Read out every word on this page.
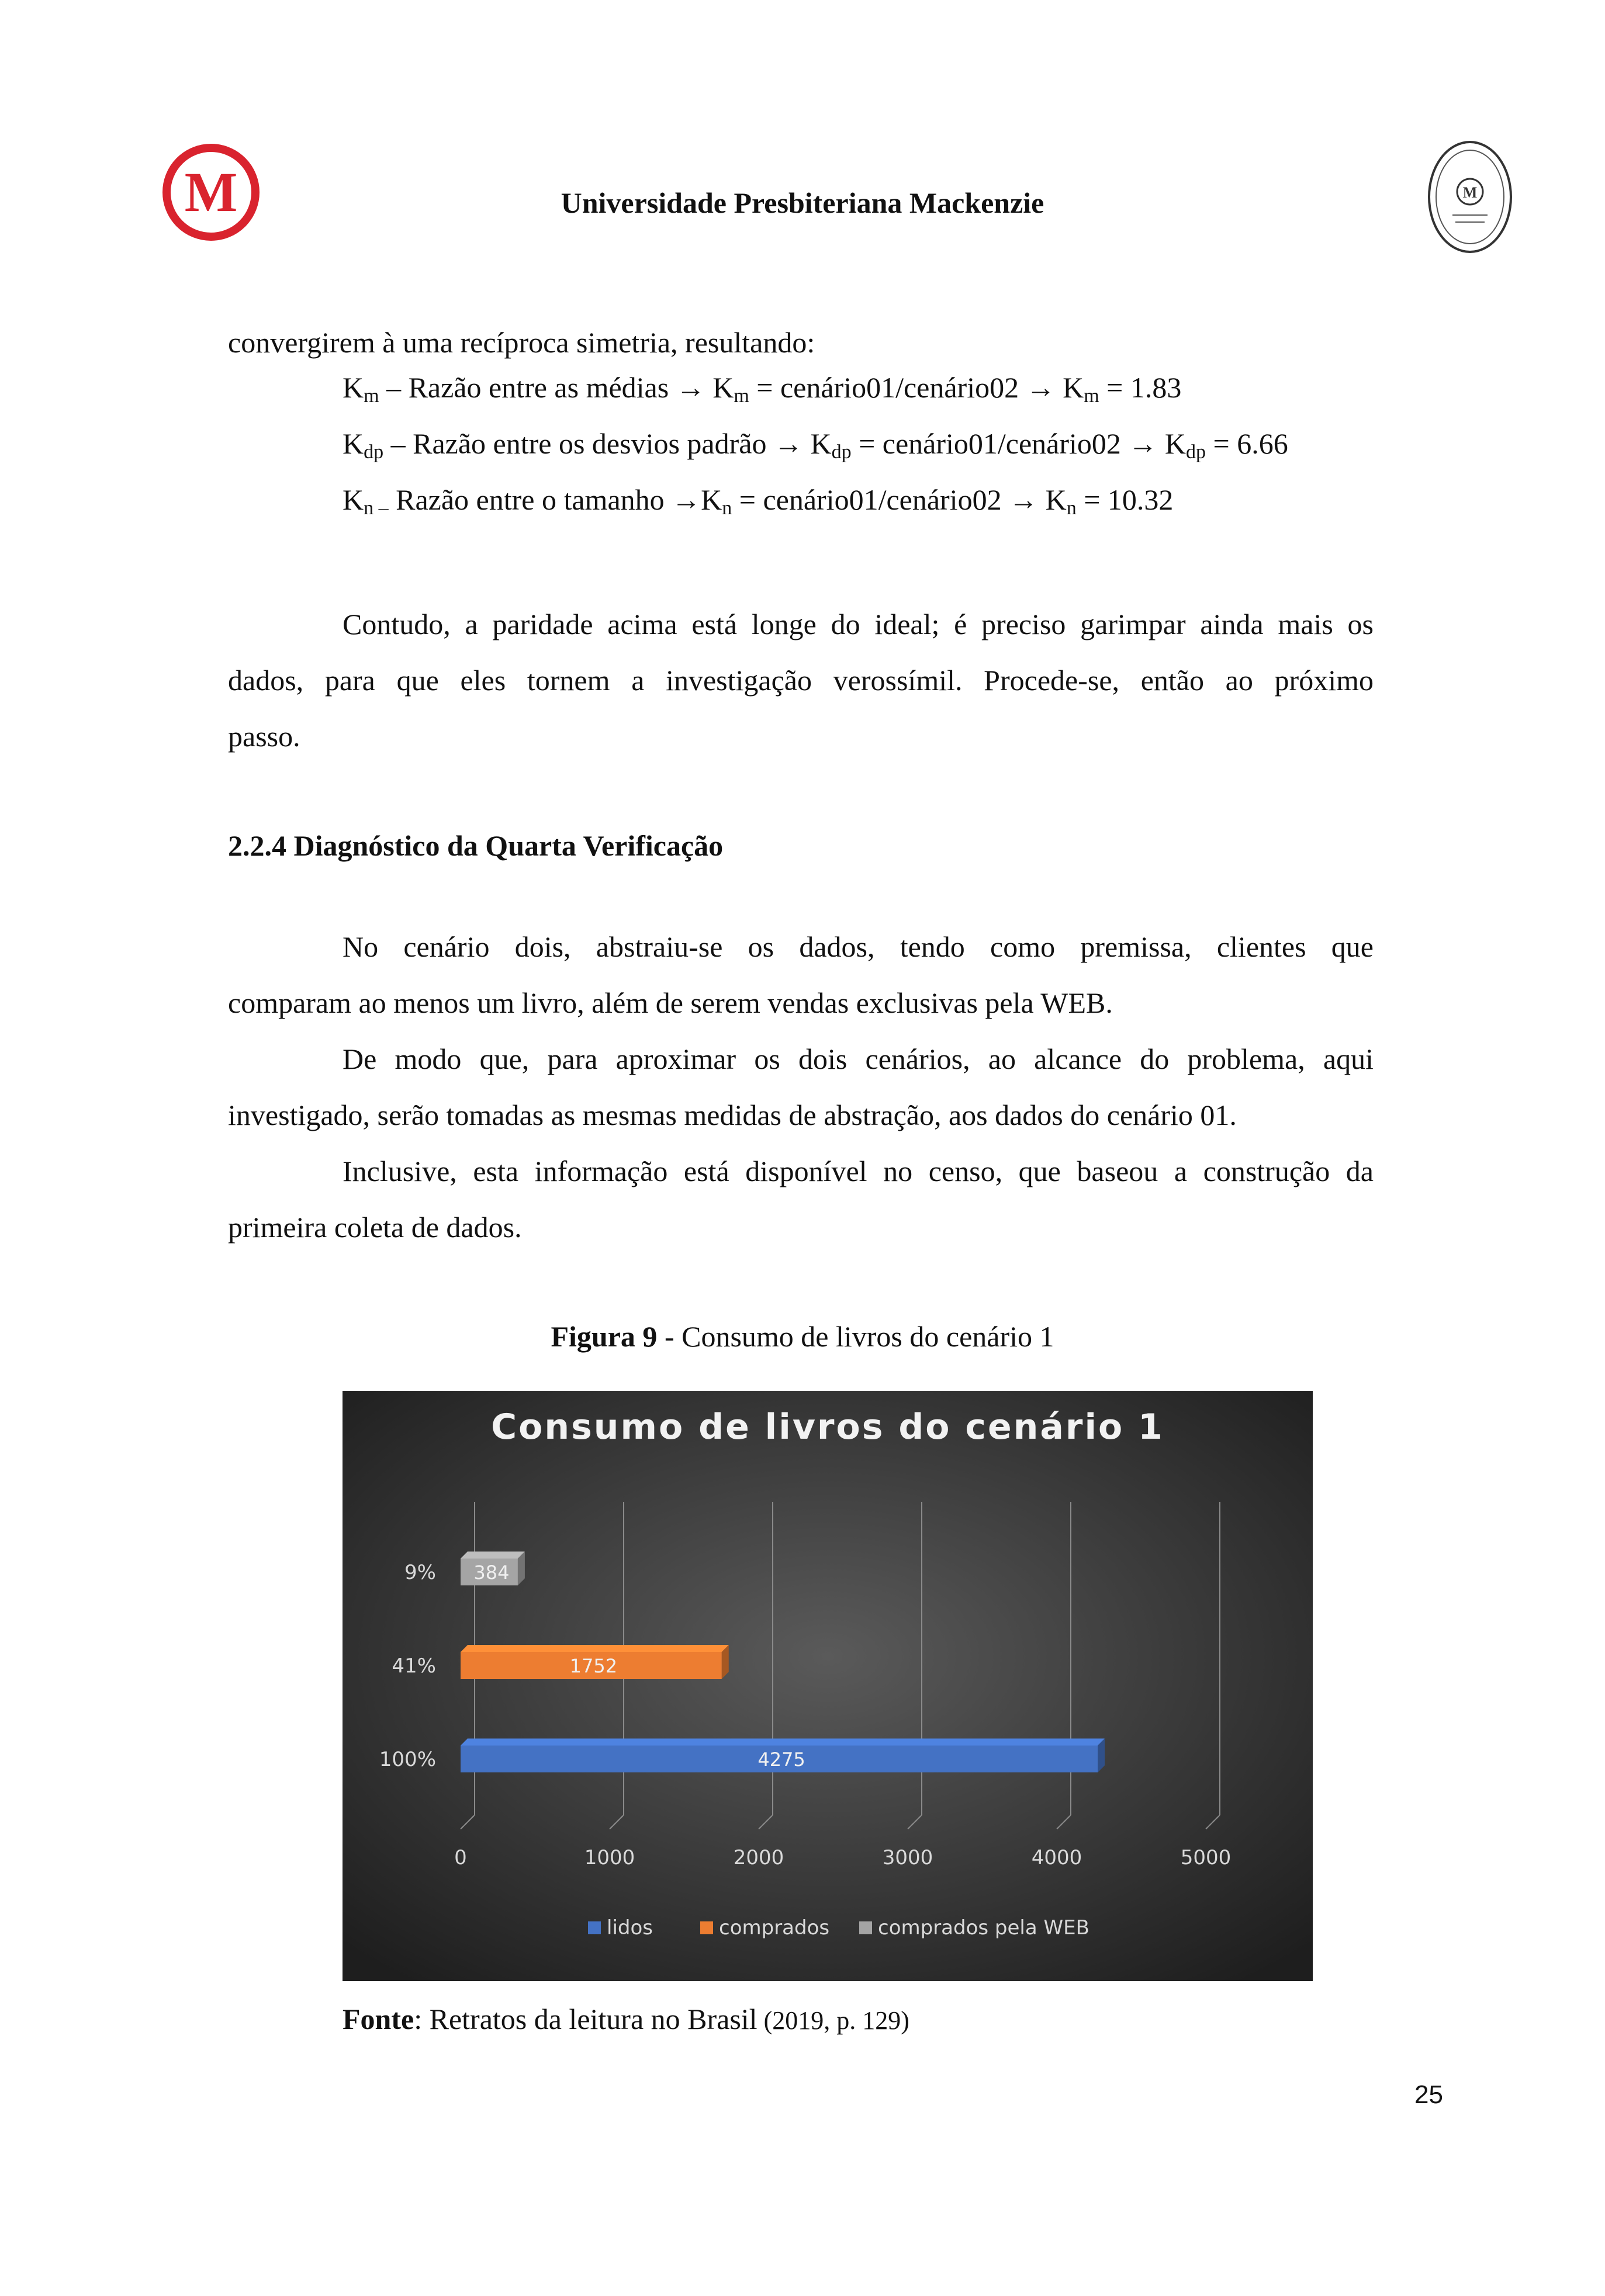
M	M
Universidade Presbiteriana Mackenzie
convergirem à uma recíproca simetria, resultando:
$K_m$ – Razão entre as médias → $K_m$ = cenário01/cenário02 → $K_m = 1.83$
$K_{dp}$ – Razão entre os desvios padrão → $K_{dp}$ = cenário01/cenário02 → $K_{dp} = 6.66$
$K_{n -}$ Razão entre o tamanho $\to K_n$ = cenário01/cenário02 → $K_n = 10.32$
Contudo, a paridade acima está longe do ideal; é preciso garimpar ainda mais os
dados, para que eles tornem a investigação verossímil. Procede-se, então ao próximo
passo.
2.2.4 Diagnóstico da Quarta Verificação
No cenário dois, abstraiu-se os dados, tendo como premissa, clientes que
comparam ao menos um livro, além de serem vendas exclusivas pela WEB.
De modo que, para aproximar os dois cenários, ao alcance do problema, aqui
investigado, serão tomadas as mesmas medidas de abstração, aos dados do cenário 01.
Inclusive, esta informação está disponível no censo, que baseou a construção da
primeira coleta de dados.
Figura 9 - Consumo de livros do cenário 1
Consumo de livros do cenário 1
0	1000	2000	3000	4000	5000
4275
100%
1752
41%
384
9%
lidos	comprados comprados pela WEB
Fonte: Retratos da leitura no Brasil (2019, p. 129)
25
